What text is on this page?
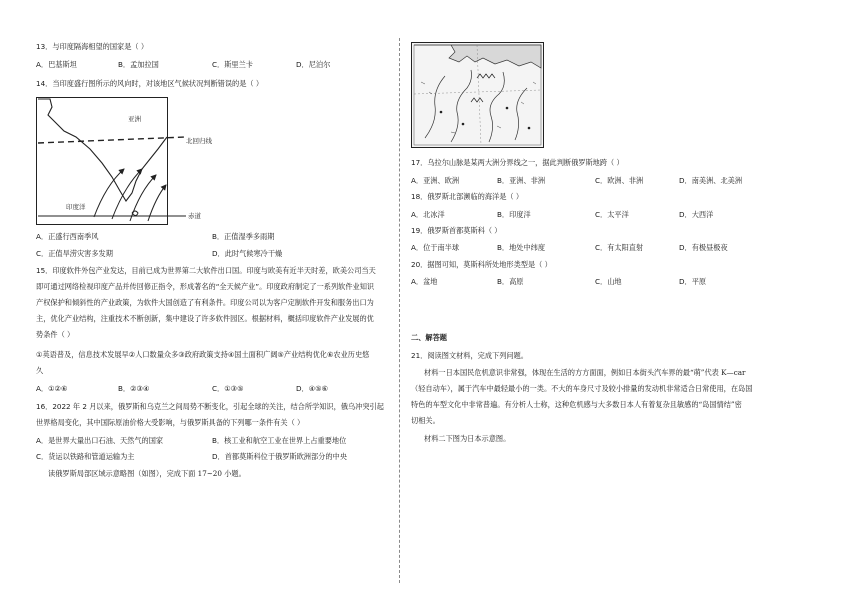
13．与印度隔海相望的国家是（ ）
A．巴基斯坦	B．孟加拉国	C．斯里兰卡	D．尼泊尔
14．当印度盛行图所示的风向时，对该地区气候状况判断错误的是（ ）
亚洲
北回归线
印度洋
赤道
A．正盛行西南季风	B．正值湿季多雨期
C．正值旱涝灾害多发期	D．此时气候寒冷干燥
15．印度软件外包产业发达，目前已成为世界第二大软件出口国。印度与欧美有近半天时差，欧美公司当天
即可通过网络检视印度产品并传回修正指令，形成著名的“全天候产业”。印度政府制定了一系列软件业知识
产权保护和倾斜性的产业政策，为软件大国创造了有利条件。印度公司以为客户定制软件开发和服务出口为
主，优化产业结构，注重技术不断创新，集中建设了许多软件园区。根据材料，概括印度软件产业发展的优
势条件（ ）
①英语普及，信息技术发展早②人口数量众多③政府政策支持④国土面积广阔⑤产业结构优化⑥农业历史悠
久
A．①②⑥	B．②③④	C．①③⑤	D．④⑤⑥
16．2022 年 2 月以来，俄罗斯和乌克兰之间局势不断变化，引起全球的关注，结合所学知识，俄乌冲突引起
世界格局变化，其中国际原油价格大受影响，与俄罗斯具备的下列哪一条件有关（ ）
A．是世界大量出口石油、天然气的国家	B．核工业和航空工业在世界上占重要地位
C．货运以铁路和管道运输为主	D．首都莫斯科位于俄罗斯欧洲部分的中央
读俄罗斯局部区域示意略图（如图），完成下面 17~20 小题。
17．乌拉尔山脉是某两大洲分界线之一，据此判断俄罗斯地跨（ ）
A．亚洲、欧洲	B．亚洲、非洲	C．欧洲、非洲	D．南美洲、北美洲
18．俄罗斯北部濒临的海洋是（ ）
A．北冰洋	B．印度洋	C．太平洋	D．大西洋
19．俄罗斯首都莫斯科（ ）
A．位于南半球	B．地处中纬度	C．有太阳直射	D．有极昼极夜
20．据图可知，莫斯科所处地形类型是（ ）
A．盆地	B．高原	C．山地	D．平原
二、解答题
21．阅读图文材料，完成下列问题。
材料一日本国民危机意识非常强，体现在生活的方方面面，例如日本街头汽车界的最“萌”代表 K—car
（轻自动车），属于汽车中最轻最小的一类。不大的车身尺寸及较小排量的发动机非常适合日常使用，在岛国
特色的车型文化中非常普遍。有分析人士称，这种危机感与大多数日本人有着复杂且敏感的“岛国情结”密
切相关。
材料二下图为日本示意图。
